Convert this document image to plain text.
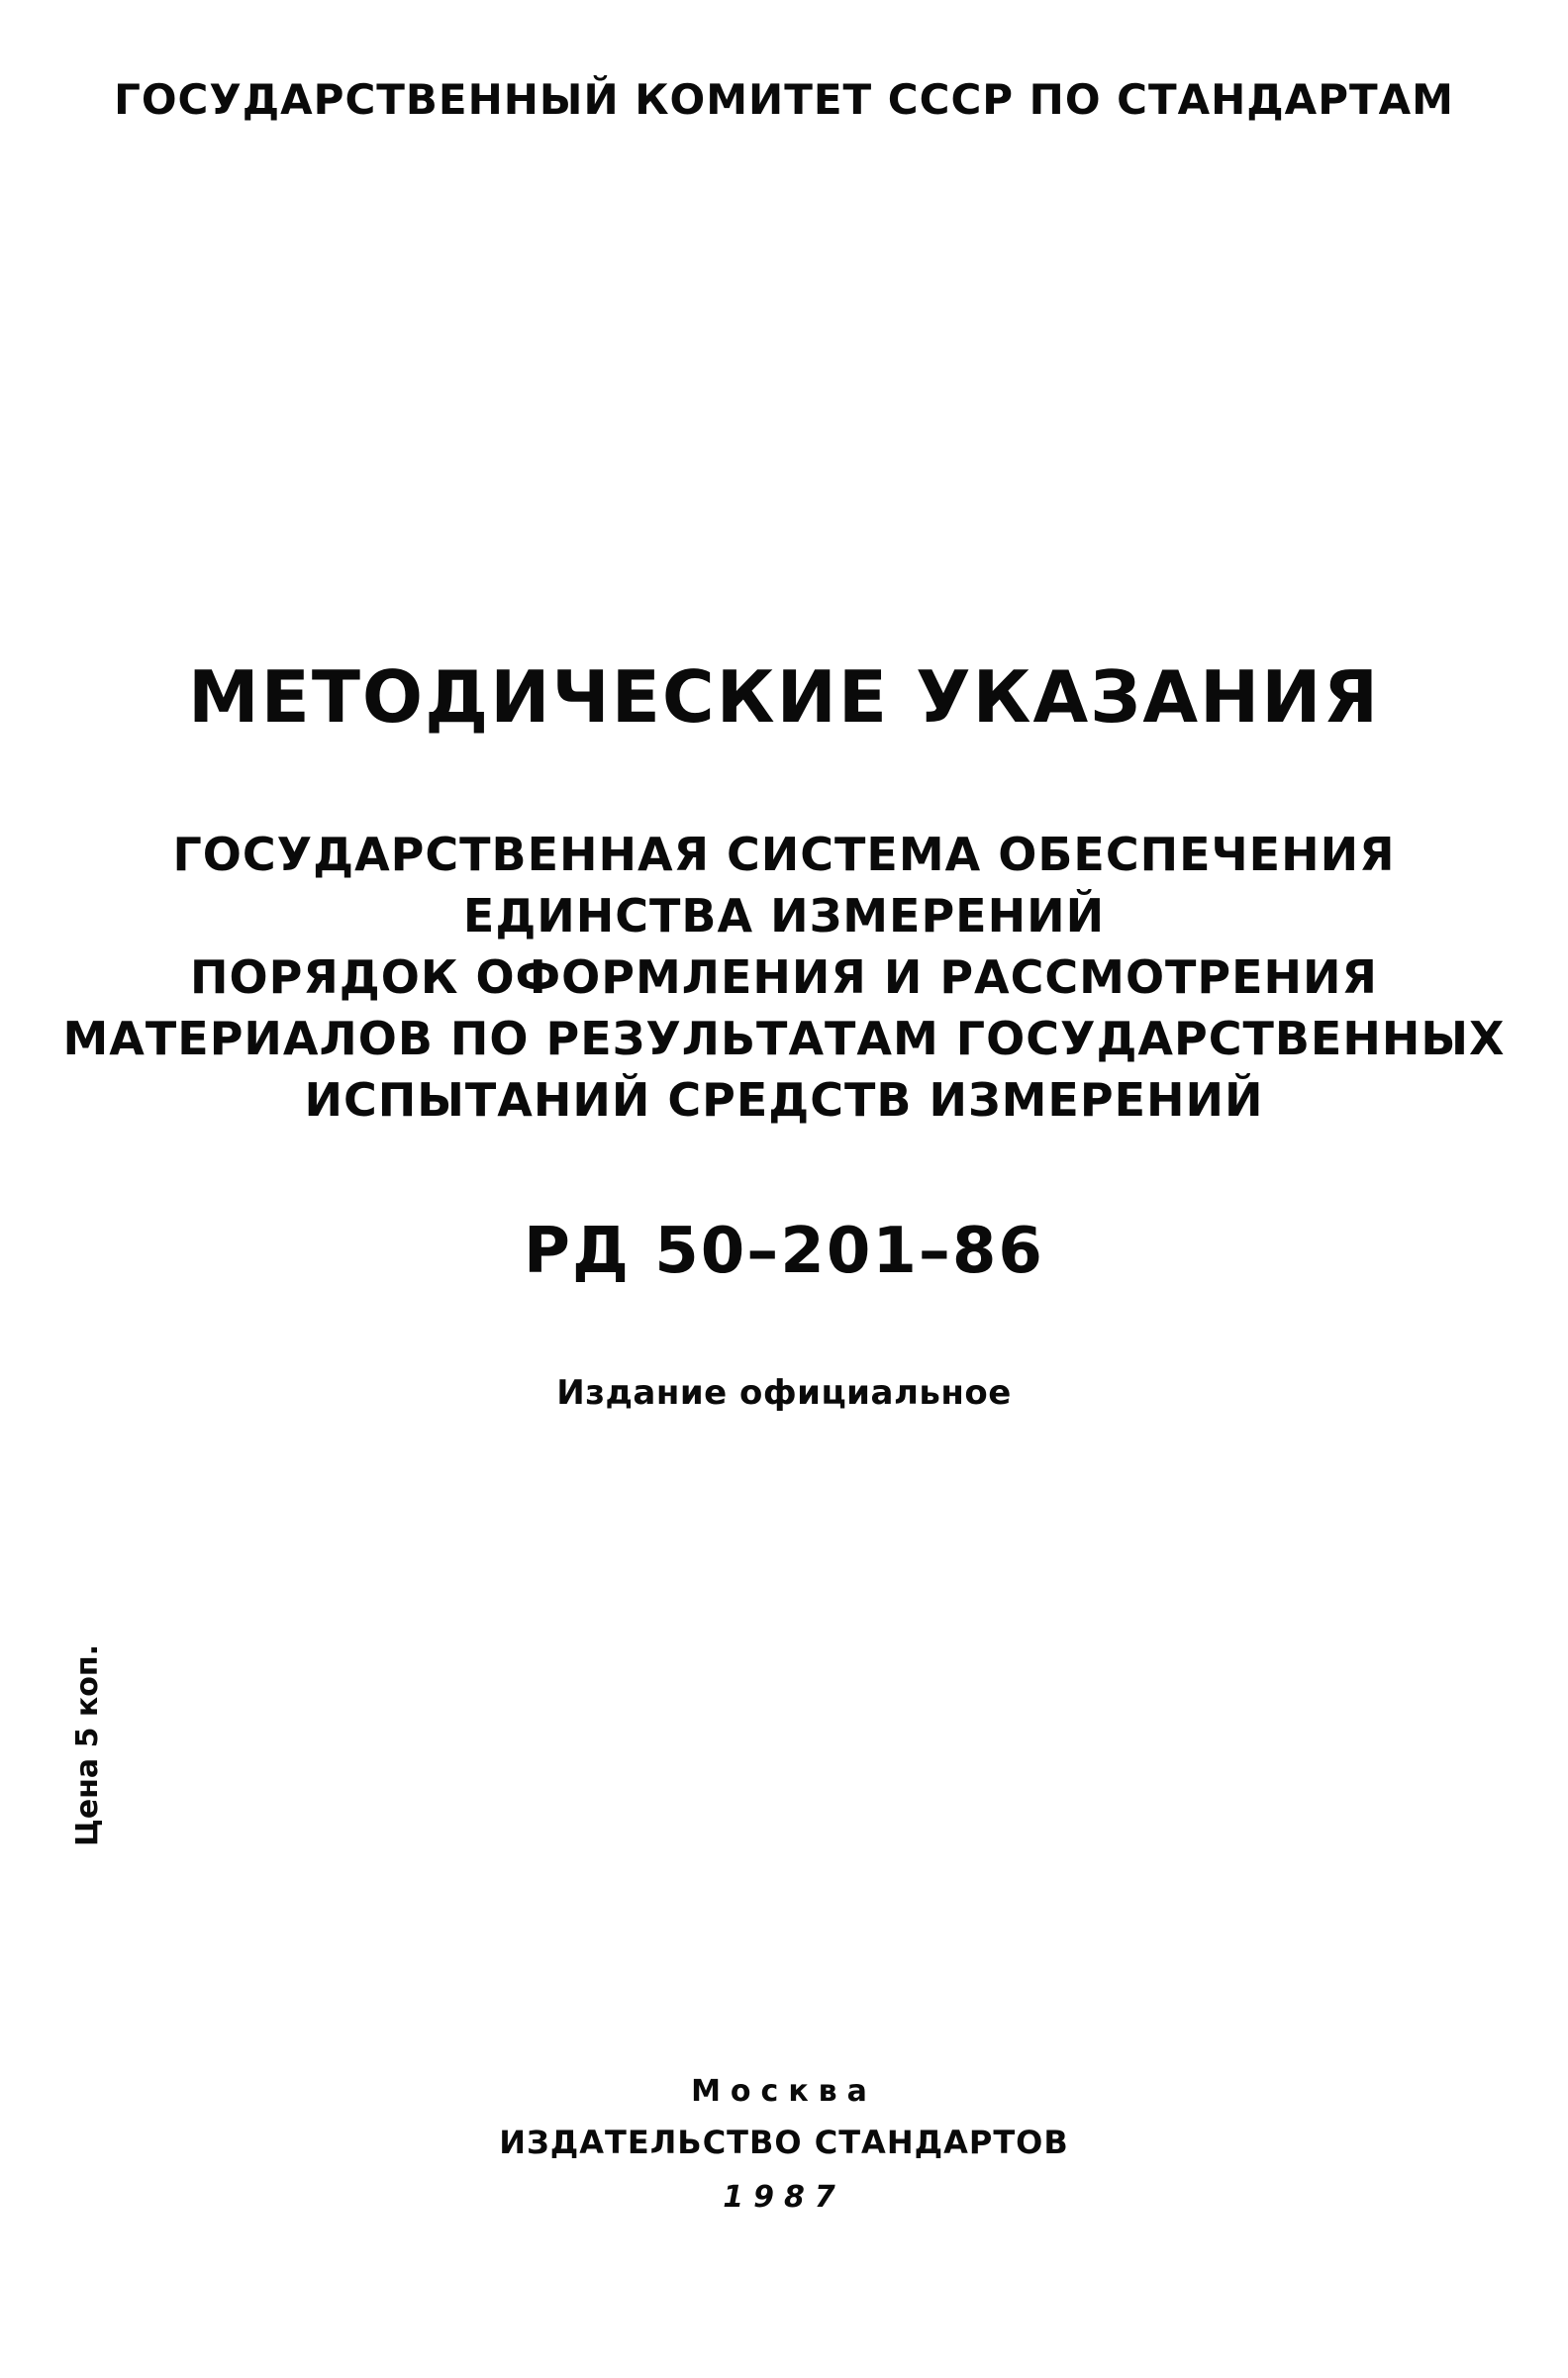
ГОСУДАРСТВЕННЫЙ КОМИТЕТ СССР ПО СТАНДАРТАМ
МЕТОДИЧЕСКИЕ УКАЗАНИЯ
ГОСУДАРСТВЕННАЯ СИСТЕМА ОБЕСПЕЧЕНИЯ
ЕДИНСТВА ИЗМЕРЕНИЙ
ПОРЯДОК ОФОРМЛЕНИЯ И РАССМОТРЕНИЯ
МАТЕРИАЛОВ ПО РЕЗУЛЬТАТАМ ГОСУДАРСТВЕННЫХ
ИСПЫТАНИЙ СРЕДСТВ ИЗМЕРЕНИЙ
РД 50–201–86
Издание официальное
Цена 5 коп.
Москва
ИЗДАТЕЛЬСТВО СТАНДАРТОВ
1987
